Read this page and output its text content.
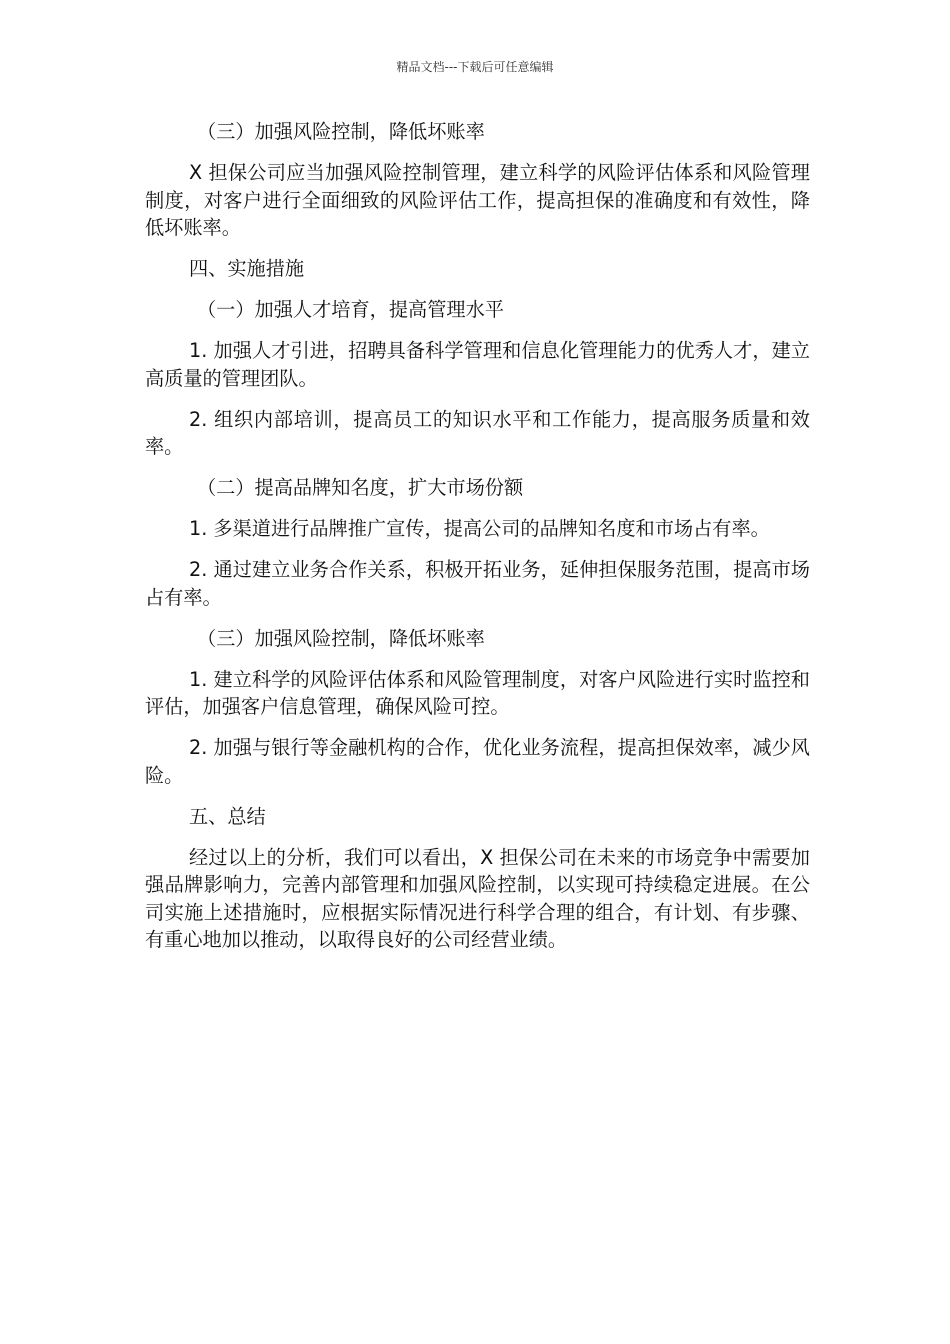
精品文档---下载后可任意编辑

（三）加强风险控制，降低坏账率

X 担保公司应当加强风险控制管理，建立科学的风险评估体系和风险管理制度，对客户进行全面细致的风险评估工作，提高担保的准确度和有效性，降低坏账率。

四、实施措施

（一）加强人才培育，提高管理水平

1. 加强人才引进，招聘具备科学管理和信息化管理能力的优秀人才，建立高质量的管理团队。

2. 组织内部培训，提高员工的知识水平和工作能力，提高服务质量和效率。

（二）提高品牌知名度，扩大市场份额

1. 多渠道进行品牌推广宣传，提高公司的品牌知名度和市场占有率。

2. 通过建立业务合作关系，积极开拓业务，延伸担保服务范围，提高市场占有率。

（三）加强风险控制，降低坏账率

1. 建立科学的风险评估体系和风险管理制度，对客户风险进行实时监控和评估，加强客户信息管理，确保风险可控。

2. 加强与银行等金融机构的合作，优化业务流程，提高担保效率，减少风险。

五、总结

经过以上的分析，我们可以看出，X 担保公司在未来的市场竞争中需要加强品牌影响力，完善内部管理和加强风险控制，以实现可持续稳定进展。在公司实施上述措施时，应根据实际情况进行科学合理的组合，有计划、有步骤、有重心地加以推动，以取得良好的公司经营业绩。
